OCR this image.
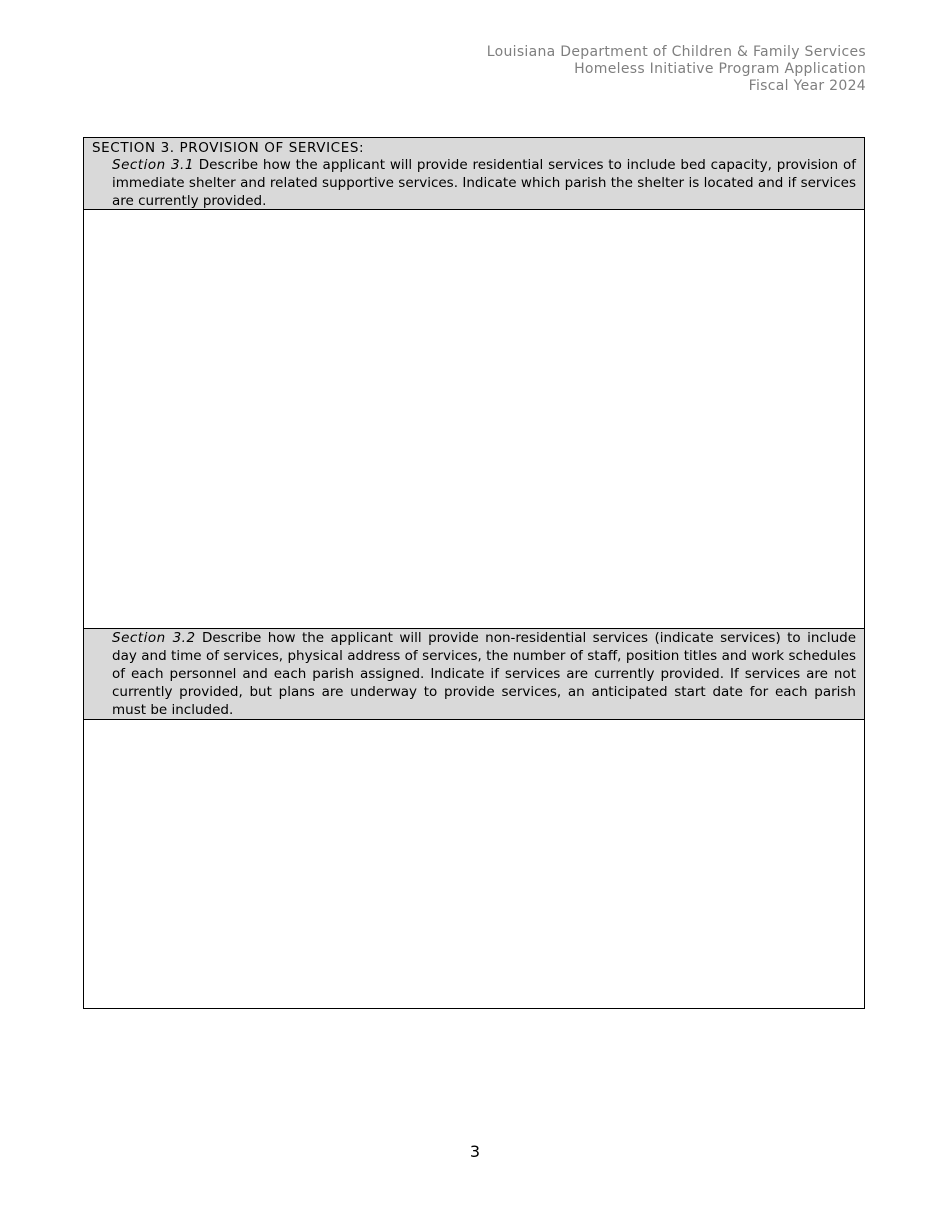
Louisiana Department of Children & Family Services
Homeless Initiative Program Application
Fiscal Year 2024
SECTION 3. PROVISION OF SERVICES:
Section 3.1 Describe how the applicant will provide residential services to include bed capacity, provision of immediate shelter and related supportive services. Indicate which parish the shelter is located and if services are currently provided.
Section 3.2 Describe how the applicant will provide non-residential services (indicate services) to include day and time of services, physical address of services, the number of staff, position titles and work schedules of each personnel and each parish assigned. Indicate if services are currently provided. If services are not currently provided, but plans are underway to provide services, an anticipated start date for each parish must be included.
3
